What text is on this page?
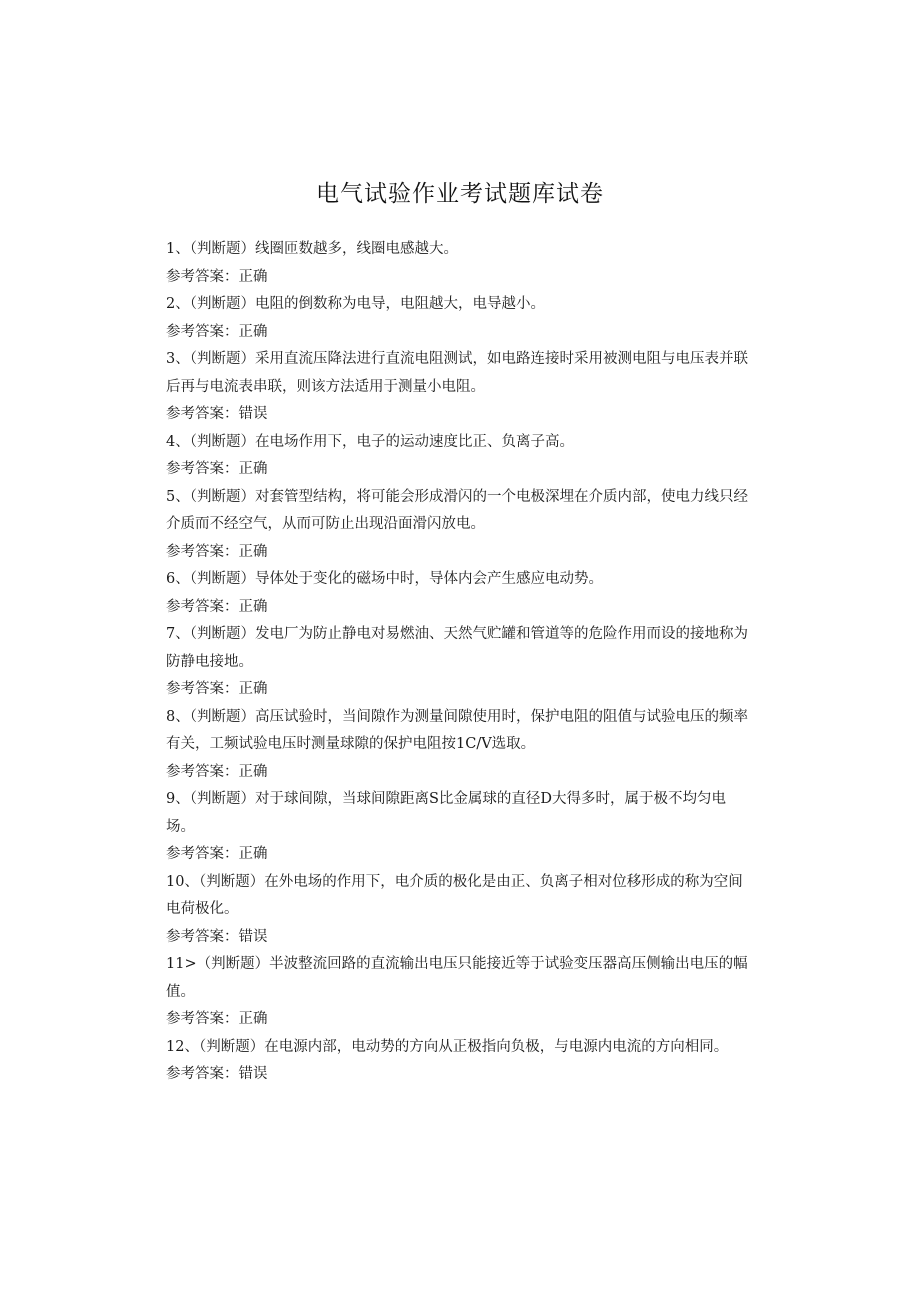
电气试验作业考试题库试卷

1、（判断题）线圈匝数越多，线圈电感越大。

参考答案：正确

2、（判断题）电阻的倒数称为电导，电阻越大，电导越小。

参考答案：正确

3、（判断题）采用直流压降法进行直流电阻测试，如电路连接时采用被测电阻与电压表并联后再与电流表串联，则该方法适用于测量小电阻。

参考答案：错误

4、（判断题）在电场作用下，电子的运动速度比正、负离子高。

参考答案：正确

5、（判断题）对套管型结构，将可能会形成滑闪的一个电极深埋在介质内部，使电力线只经介质而不经空气，从而可防止出现沿面滑闪放电。

参考答案：正确

6、（判断题）导体处于变化的磁场中时，导体内会产生感应电动势。

参考答案：正确

7、（判断题）发电厂为防止静电对易燃油、天然气贮罐和管道等的危险作用而设的接地称为防静电接地。

参考答案：正确

8、（判断题）高压试验时，当间隙作为测量间隙使用时，保护电阻的阻值与试验电压的频率有关，工频试验电压时测量球隙的保护电阻按1C/V选取。

参考答案：正确

9、（判断题）对于球间隙，当球间隙距离S比金属球的直径D大得多时，属于极不均匀电场。

参考答案：正确

10、（判断题）在外电场的作用下，电介质的极化是由正、负离子相对位移形成的称为空间电荷极化。

参考答案：错误

11>（判断题）半波整流回路的直流输出电压只能接近等于试验变压器高压侧输出电压的幅值。

参考答案：正确

12、（判断题）在电源内部，电动势的方向从正极指向负极，与电源内电流的方向相同。

参考答案：错误
